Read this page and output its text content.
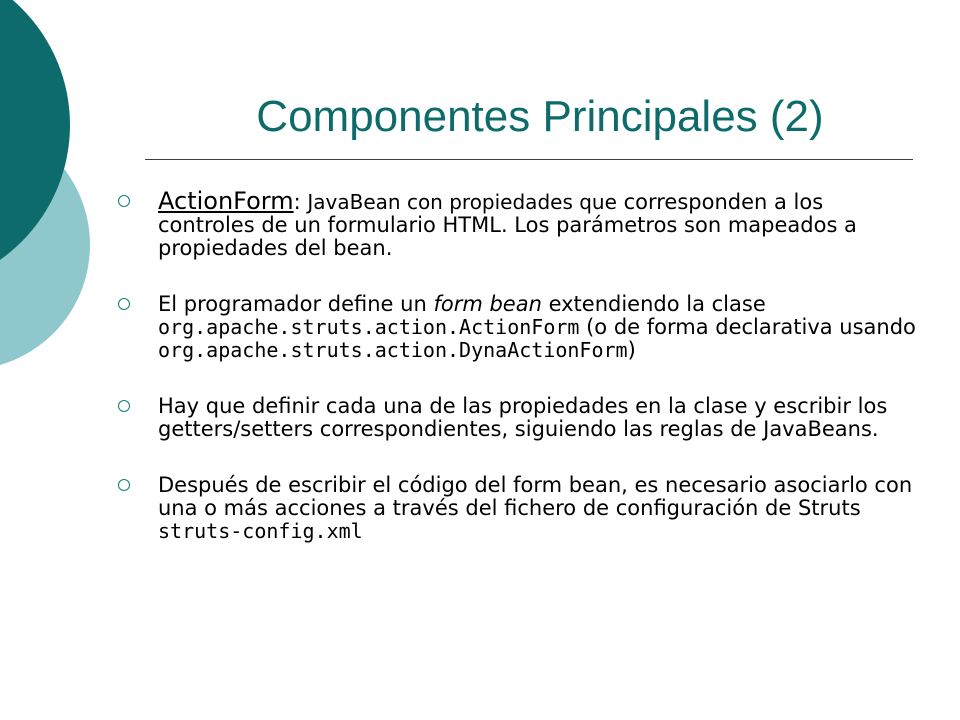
Componentes Principales (2)
ActionForm: JavaBean con propiedades que corresponden a los controles de un formulario HTML. Los parámetros son mapeados a propiedades del bean.
El programador define un form bean extendiendo la clase org.apache.struts.action.ActionForm (o de forma declarativa usando org.apache.struts.action.DynaActionForm)
Hay que definir cada una de las propiedades en la clase y escribir los getters/setters correspondientes, siguiendo las reglas de JavaBeans.
Después de escribir el código del form bean, es necesario asociarlo con una o más acciones a través del fichero de configuración de Struts struts-config.xml
